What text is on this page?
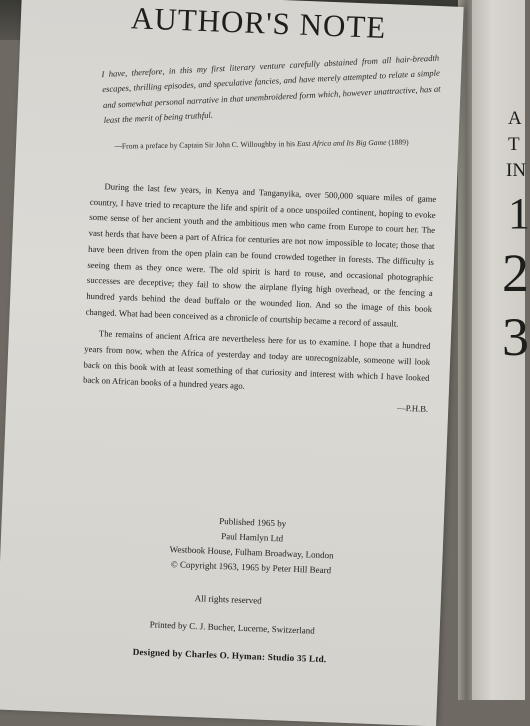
A
T
IN
1
2
3
AUTHOR'S NOTE
I have, therefore, in this my first literary venture carefully abstained from all hair-breadth escapes, thrilling episodes, and speculative fancies, and have merely attempted to relate a simple and somewhat personal narrative in that unembroidered form which, however unattractive, has at least the merit of being truthful.
—From a preface by Captain Sir John C. Willoughby in his East Africa and Its Big Game (1889)

During the last few years, in Kenya and Tanganyika, over 500,000 square miles of game country, I have tried to recapture the life and spirit of a once unspoiled continent, hoping to evoke some sense of her ancient youth and the ambitious men who came from Europe to court her. The vast herds that have been a part of Africa for centuries are not now impossible to locate; those that have been driven from the open plain can be found crowded together in forests. The difficulty is seeing them as they once were. The old spirit is hard to rouse, and occasional photographic successes are deceptive; they fail to show the airplane flying high overhead, or the fencing a hundred yards behind the dead buffalo or the wounded lion. And so the image of this book changed. What had been conceived as a chronicle of courtship became a record of assault.

The remains of ancient Africa are nevertheless here for us to examine. I hope that a hundred years from now, when the Africa of yesterday and today are unrecognizable, someone will look back on this book with at least something of that curiosity and interest with which I have looked back on African books of a hundred years ago.

—P.H.B.
Published 1965 by
Paul Hamlyn Ltd
Westbook House, Fulham Broadway, London
© Copyright 1963, 1965 by Peter Hill Beard
All rights reserved
Printed by C. J. Bucher, Lucerne, Switzerland
Designed by Charles O. Hyman: Studio 35 Ltd.
